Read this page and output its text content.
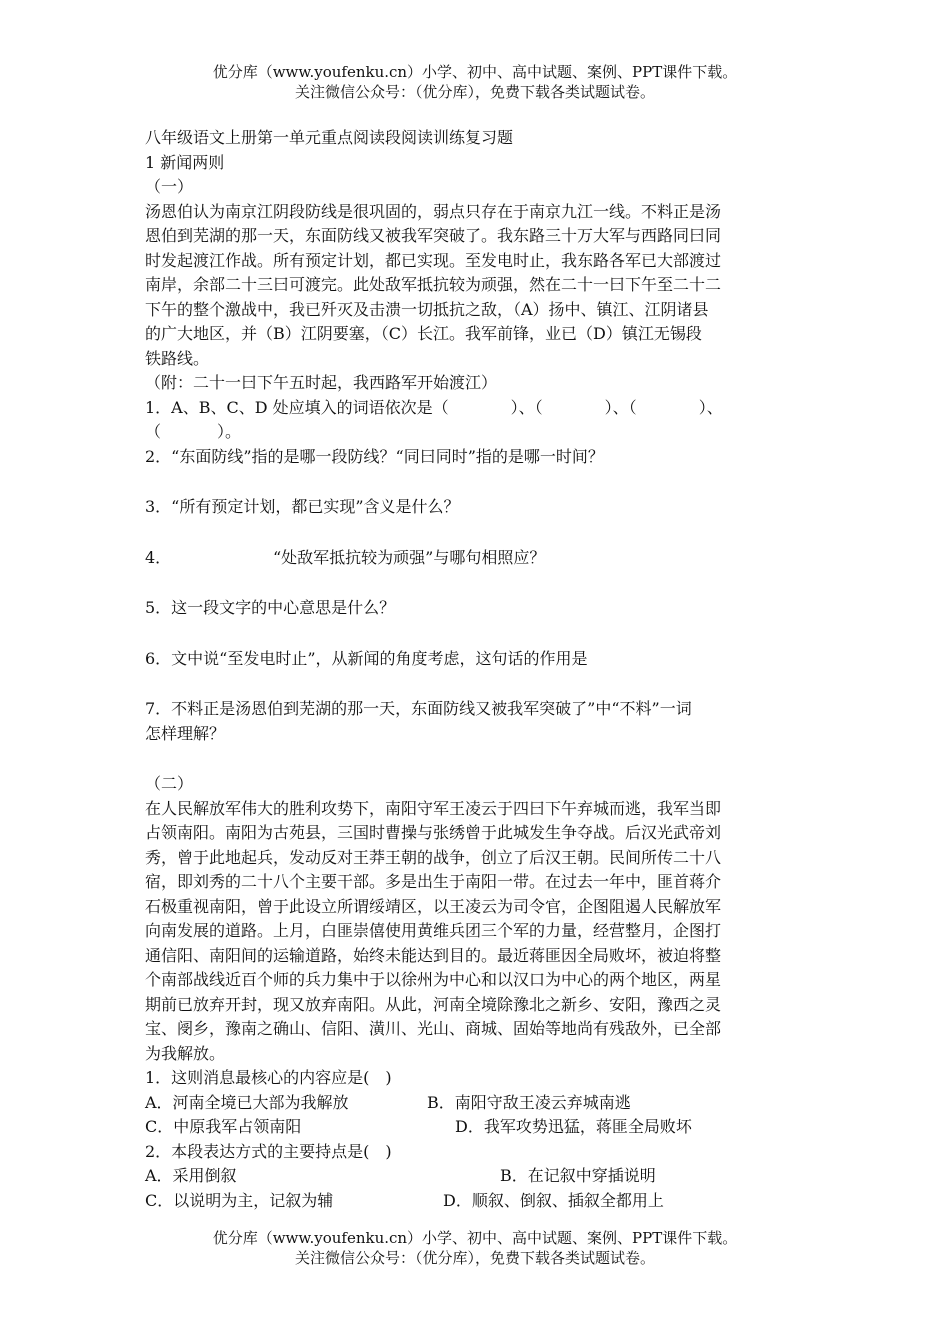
优分库（www.youfenku.cn）小学、初中、高中试题、案例、PPT课件下载。
关注微信公众号：（优分库），免费下载各类试题试卷。
八年级语文上册第一单元重点阅读段阅读训练复习题
1 新闻两则
（一）
汤恩伯认为南京江阴段防线是很巩固的，弱点只存在于南京九江一线。不料正是汤
恩伯到芜湖的那一天，东面防线又被我军突破了。我东路三十万大军与西路同曰同
时发起渡江作战。所有预定计划，都已实现。至发电时止，我东路各军已大部渡过
南岸，余部二十三曰可渡完。此处敌军抵抗较为顽强，然在二十一曰下午至二十二
下午的整个激战中，我已歼灭及击溃一切抵抗之敌，（A）扬中、镇江、江阴诸县
的广大地区，并（B）江阴要塞，（C）长江。我军前锋，业已（D）镇江无锡段
铁路线。
（附：二十一曰下午五时起，我西路军开始渡江）
1．A、B、C、D 处应填入的词语依次是（	）、（	）、（	）、
（	）。
2．“东面防线”指的是哪一段防线？“同曰同时”指的是哪一时间？
3．“所有预定计划，都已实现”含义是什么？
4．	“处敌军抵抗较为顽强”与哪句相照应？
5．这一段文字的中心意思是什么？
6．文中说“至发电时止”，从新闻的角度考虑，这句话的作用是
7．不料正是汤恩伯到芜湖的那一天，东面防线又被我军突破了”中“不料”一词
怎样理解？
（二）
在人民解放军伟大的胜利攻势下，南阳守军王凌云于四曰下午弃城而逃，我军当即
占领南阳。南阳为古苑县，三国时曹操与张绣曾于此城发生争夺战。后汉光武帝刘
秀，曾于此地起兵，发动反对王莽王朝的战争，创立了后汉王朝。民间所传二十八
宿，即刘秀的二十八个主要干部。多是出生于南阳一带。在过去一年中，匪首蒋介
石极重视南阳，曾于此设立所谓绥靖区，以王凌云为司令官，企图阻遏人民解放军
向南发展的道路。上月，白匪崇僖使用黄维兵团三个军的力量，经营整月，企图打
通信阳、南阳间的运输道路，始终未能达到目的。最近蒋匪因全局败坏，被迫将整
个南部战线近百个师的兵力集中于以徐州为中心和以汉口为中心的两个地区，两星
期前已放弃开封，现又放弃南阳。从此，河南全境除豫北之新乡、安阳，豫西之灵
宝、阌乡，豫南之确山、信阳、潢川、光山、商城、固始等地尚有残敌外，已全部
为我解放。
1．这则消息最核心的内容应是(　)
A．河南全境已大部为我解放	B．南阳守敌王凌云弃城南逃
C．中原我军占领南阳	D．我军攻势迅猛，蒋匪全局败坏
2．本段表达方式的主要持点是(　)
A．采用倒叙	B．在记叙中穿插说明
C．以说明为主，记叙为辅	D．顺叙、倒叙、插叙全都用上
优分库（www.youfenku.cn）小学、初中、高中试题、案例、PPT课件下载。
关注微信公众号：（优分库），免费下载各类试题试卷。
